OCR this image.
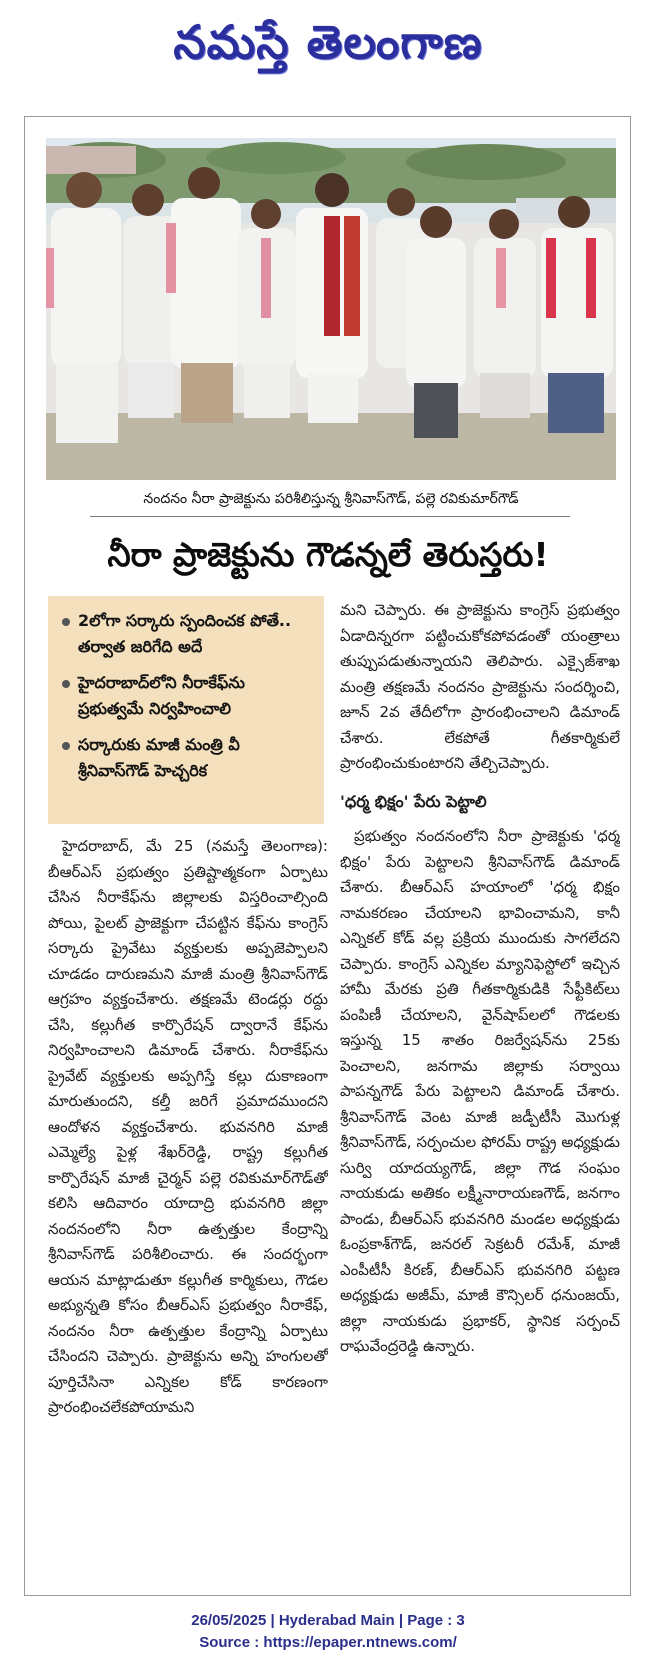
నమస్తే తెలంగాణ
నందనం నీరా ప్రాజెక్టును పరిశీలిస్తున్న శ్రీనివాస్‌గౌడ్, పల్లె రవికుమార్‌గౌడ్
నీరా ప్రాజెక్టును గౌడన్నలే తెరుస్తరు!
2లోగా సర్కారు స్పందించక పోతే.. తర్వాత జరిగేది అదే
హైదరాబాద్‌లోని నీరాకేఫ్‌ను ప్రభుత్వమే నిర్వహించాలి
సర్కారుకు మాజీ మంత్రి వీ శ్రీనివాస్‌గౌడ్ హెచ్చరిక

హైదరాబాద్, మే 25 (నమస్తే తెలంగాణ): బీఆర్‌ఎస్ ప్రభుత్వం ప్రతిష్టాత్మకంగా ఏర్పాటు చేసిన నీరాకేఫ్‌ను జిల్లాలకు విస్తరించాల్సింది పోయి, పైలట్ ప్రాజెక్టుగా చేపట్టిన కేఫ్‌ను కాంగ్రెస్ సర్కారు ప్రైవేటు వ్యక్తులకు అప్పజెప్పాలని చూడడం దారుణమని మాజీ మంత్రి శ్రీనివాస్‌గౌడ్ ఆగ్రహం వ్యక్తంచేశారు. తక్షణమే టెండర్లు రద్దు చేసి, కల్లుగీత కార్పొరేషన్ ద్వారానే కేఫ్‌ను నిర్వహించాలని డిమాండ్ చేశారు. నీరాకేఫ్‌ను ప్రైవేట్ వ్యక్తులకు అప్పగిస్తే కల్లు దుకాణంగా మారుతుందని, కల్తీ జరిగే ప్రమాదముందని ఆందోళన వ్యక్తంచేశారు. భువనగిరి మాజీ ఎమ్మెల్యే పైళ్ల శేఖర్‌రెడ్డి, రాష్ట్ర కల్లుగీత కార్పొరేషన్ మాజీ చైర్మన్ పల్లె రవికుమార్‌గౌడ్‌తో కలిసి ఆదివారం యాదాద్రి భువనగిరి జిల్లా నందనంలోని నీరా ఉత్పత్తుల కేంద్రాన్ని శ్రీనివాస్‌గౌడ్ పరిశీలించారు. ఈ సందర్భంగా ఆయన మాట్లాడుతూ కల్లుగీత కార్మికులు, గౌడల అభ్యున్నతి కోసం బీఆర్‌ఎస్ ప్రభుత్వం నీరాకేఫ్, నందనం నీరా ఉత్పత్తుల కేంద్రాన్ని ఏర్పాటు చేసిందని చెప్పారు. ప్రాజెక్టును అన్ని హంగులతో పూర్తిచేసినా ఎన్నికల కోడ్ కారణంగా ప్రారంభించలేకపోయామని

మని చెప్పారు. ఈ ప్రాజెక్టును కాంగ్రెస్ ప్రభుత్వం ఏడాదిన్నరగా పట్టించుకోకపోవడంతో యంత్రాలు తుప్పుపడుతున్నాయని తెలిపారు. ఎక్సైజ్‌శాఖ మంత్రి తక్షణమే నందనం ప్రాజెక్టును సందర్శించి, జూన్ 2వ తేదీలోగా ప్రారంభించాలని డిమాండ్ చేశారు. లేకపోతే గీతకార్మికులే ప్రారంభించుకుంటారని తేల్చిచెప్పారు.

'ధర్మ భిక్షం' పేరు పెట్టాలి

ప్రభుత్వం నందనంలోని నీరా ప్రాజెక్టుకు 'ధర్మ భిక్షం' పేరు పెట్టాలని శ్రీనివాస్‌గౌడ్ డిమాండ్ చేశారు. బీఆర్‌ఎస్ హయాంలో 'ధర్మ భిక్షం నామకరణం చేయాలని భావించామని, కానీ ఎన్నికల్ కోడ్ వల్ల ప్రక్రియ ముందుకు సాగలేదని చెప్పారు. కాంగ్రెస్ ఎన్నికల మ్యానిఫెస్టోలో ఇచ్చిన హామీ మేరకు ప్రతి గీతకార్మికుడికి సేఫ్టీకిట్‌లు పంపిణీ చేయాలని, వైన్‌షాప్‌లలో గౌడలకు ఇస్తున్న 15 శాతం రిజర్వేషన్‌ను 25కు పెంచాలని, జనగామ జిల్లాకు సర్వాయి పాపన్నగౌడ్ పేరు పెట్టాలని డిమాండ్ చేశారు. శ్రీనివాస్‌గౌడ్ వెంట మాజీ జడ్పీటీసీ మొగుళ్ల శ్రీనివాస్‌గౌడ్, సర్పంచుల ఫోరమ్ రాష్ట్ర అధ్యక్షుడు సుర్వి యాదయ్యగౌడ్, జిల్లా గౌడ సంఘం నాయకుడు అతికం లక్ష్మీనారాయణగౌడ్, జనగాం పాండు, బీఆర్‌ఎస్ భువనగిరి మండల అధ్యక్షుడు ఓంప్రకాశ్‌గౌడ్, జనరల్ సెక్రటరీ రమేశ్, మాజీ ఎంపీటీసీ కిరణ్, బీఆర్‌ఎస్ భువనగిరి పట్టణ అధ్యక్షుడు అజీమ్, మాజీ కౌన్సిలర్ ధనుంజయ్, జిల్లా నాయకుడు ప్రభాకర్, స్థానిక సర్పంచ్ రాఘవేంద్రరెడ్డి ఉన్నారు.

26/05/2025 | Hyderabad Main | Page : 3
Source : https://epaper.ntnews.com/
